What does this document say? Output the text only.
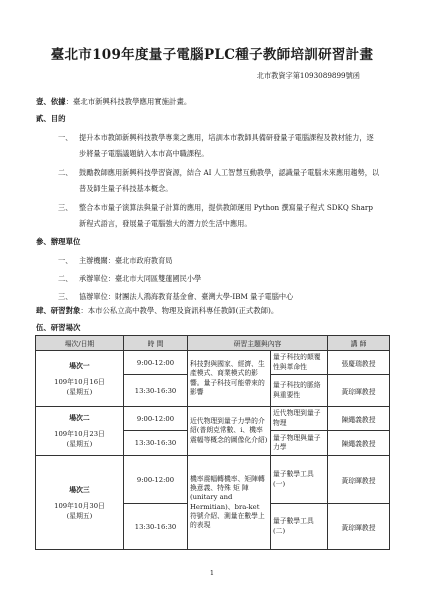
臺北市109年度量子電腦PLC種子教師培訓研習計畫
北市教資字第1093089899號函
壹、依據：臺北市新興科技教學應用實施計畫。
貳、目的
一、 提升本市教師新興科技教學專業之應用，培訓本市教師具備研發量子電腦課程及教材能力，逐步將量子電腦議題納入本市高中職課程。
二、 鼓勵教師應用新興科技學習資源，結合 AI 人工智慧互動教學，認識量子電腦未來應用趨勢，以普及師生量子科技基本概念。
三、 整合本市量子演算法與量子計算的應用，提供教師運用 Python 撰寫量子程式 SDKQ Sharp 新程式語言，發展量子電腦強大的潛力於生活中應用。
參、辦理單位
一、 主辦機關：臺北市政府教育局
二、 承辦單位：臺北市大同區雙蓮國民小學
三、 協辦單位：財團法人鴻海教育基金會、臺灣大學-IBM 量子電腦中心
肆、研習對象：本市公私立高中教學、物理及資訊科專任教師(正式教師)。
伍、研習場次
場次/日期	時 間	研習主題與內容		講 師

場次一
109年10月16日
(星期五)	9:00-12:00	科技對與國家、經濟、生產模式、商業模式的影響。量子科技可能帶來的影響	量子科技的顛覆性與革命性	張慶瑞教授
	13:30-16:30		量子科技的脈絡與重要性	黃琮暉教授

場次二
109年10月23日
(星期五)	9:00-12:00	近代物理到量子力學的介紹(普朗克常數、i、機率震幅等概念的圖像化介紹)	近代物理到量子物理	陳繩義教授
	13:30-16:30		量子物理與量子力學	陳繩義教授

場次三
109年10月30日
(星期五)	9:00-12:00	機率震幅轉機率、矩陣轉換意義、特殊 矩 陣 (unitary and Hermitian)、bra-ket 符號介紹、測量在數學上的表現	量子數學工具(一)	黃琮暉教授
	13:30-16:30		量子數學工具(二)	黃琮暉教授
1
